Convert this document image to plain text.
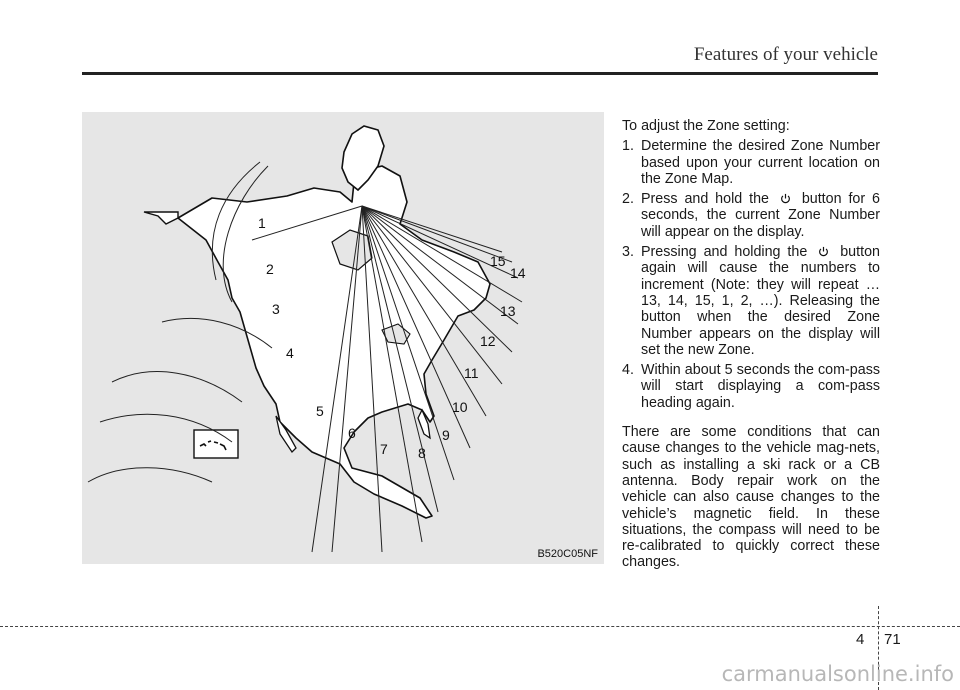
Features of your vehicle
1
2
3
4
5
6
7 8
9
10
11
12
13
14
15
B520C05NF

To adjust the Zone setting:

1. Determine the desired Zone Number based upon your current location on the Zone Map.
2. Press and hold the button for 6 seconds, the current Zone Number will appear on the display.
3. Pressing and holding the button again will cause the numbers to increment (Note: they will repeat …13, 14, 15, 1, 2, …). Releasing the button when the desired Zone Number appears on the display will set the new Zone.
4. Within about 5 seconds the com-pass will start displaying a com-pass heading again.

There are some conditions that can cause changes to the vehicle mag-nets, such as installing a ski rack or a CB antenna. Body repair work on the vehicle can also cause changes to the vehicle’s magnetic field. In these situations, the compass will need to be re-calibrated to quickly correct these changes.

4 71
carmanualsonline.info
